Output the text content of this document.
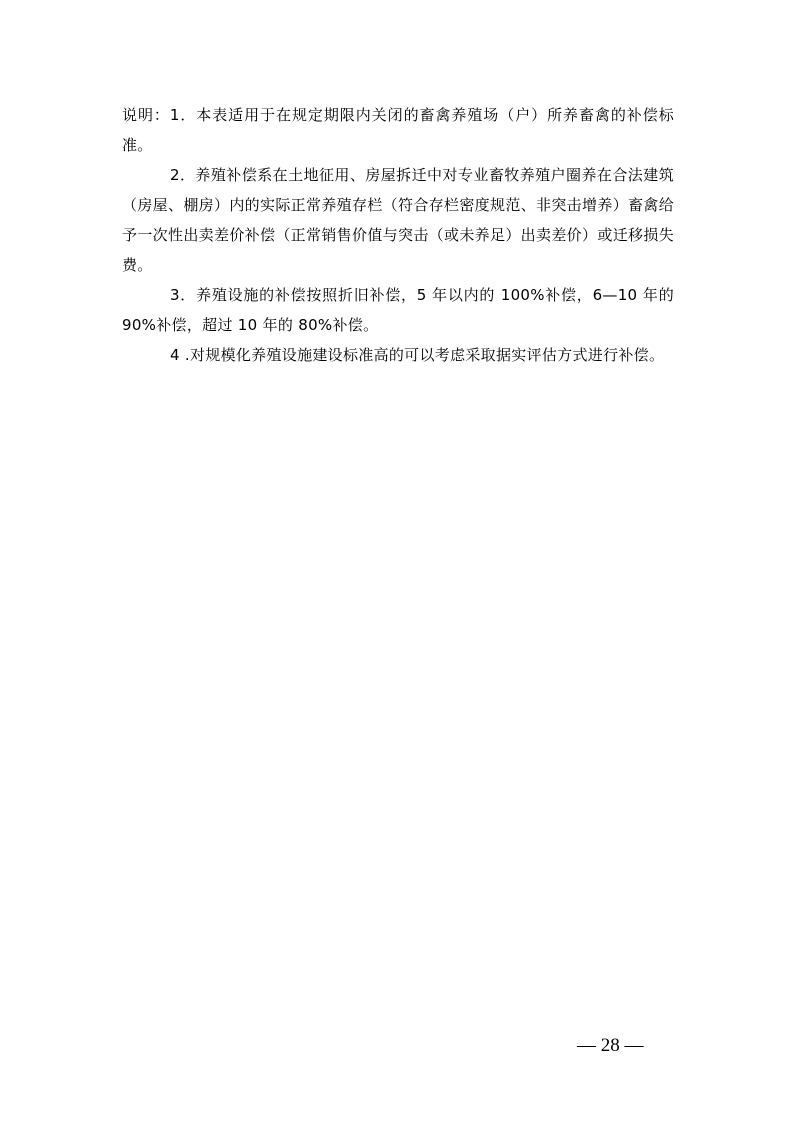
说明：1．本表适用于在规定期限内关闭的畜禽养殖场（户）所养畜禽的补偿标准。

2．养殖补偿系在土地征用、房屋拆迁中对专业畜牧养殖户圈养在合法建筑（房屋、棚房）内的实际正常养殖存栏（符合存栏密度规范、非突击增养）畜禽给予一次性出卖差价补偿（正常销售价值与突击（或未养足）出卖差价）或迁移损失费。

3．养殖设施的补偿按照折旧补偿，5 年以内的 100%补偿，6—10 年的 90%补偿，超过 10 年的 80%补偿。

4 .对规模化养殖设施建设标准高的可以考虑采取据实评估方式进行补偿。

— 28 —
